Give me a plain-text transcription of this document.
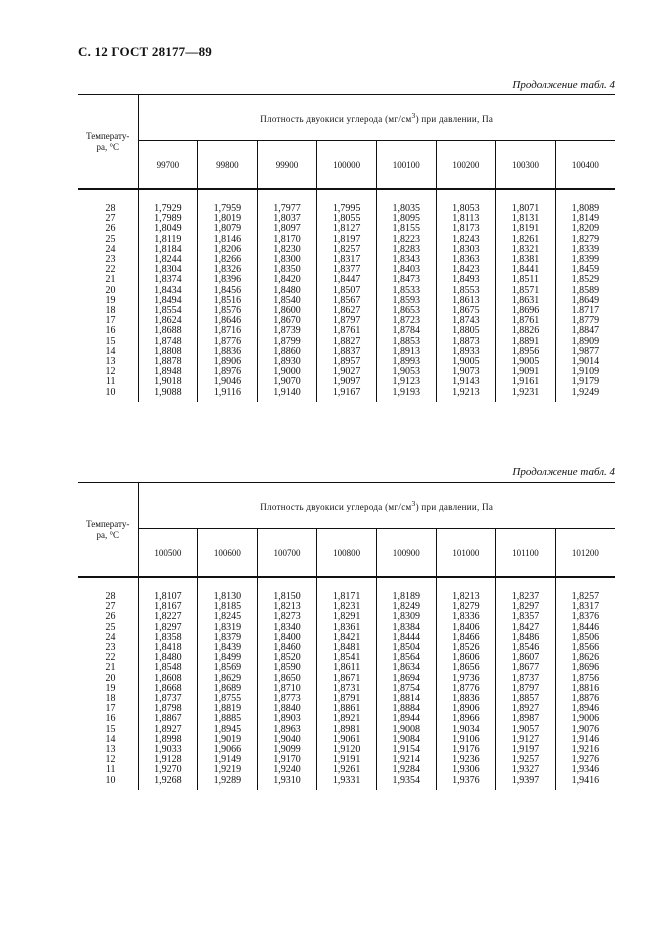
С. 12 ГОСТ 28177—89
Продолжение табл. 4
Температу-
ра, °С	Плотность двуокиси углерода $(мг/см^3)$ при давлении, Па							
	99700	99800	99900	100000	100100	100200	100300	100400

28	1,7929	1,7959	1,7977	1,7995	1,8035	1,8053	1,8071	1,8089
27	1,7989	1,8019	1,8037	1,8055	1,8095	1,8113	1,8131	1,8149
26	1,8049	1,8079	1,8097	1,8127	1,8155	1,8173	1,8191	1,8209
25	1,8119	1,8146	1,8170	1,8197	1,8223	1,8243	1,8261	1,8279
24	1,8184	1,8206	1,8230	1,8257	1,8283	1,8303	1,8321	1,8339
23	1,8244	1,8266	1,8300	1,8317	1,8343	1,8363	1,8381	1,8399
22	1,8304	1,8326	1,8350	1,8377	1,8403	1,8423	1,8441	1,8459
21	1,8374	1,8396	1,8420	1,8447	1,8473	1,8493	1,8511	1,8529
20	1,8434	1,8456	1,8480	1,8507	1,8533	1,8553	1,8571	1,8589
19	1,8494	1,8516	1,8540	1,8567	1,8593	1,8613	1,8631	1,8649
18	1,8554	1,8576	1,8600	1,8627	1,8653	1,8675	1,8696	1.8717
17	1,8624	1,8646	1,8670	1,8797	1,8723	1,8743	1,8761	1,8779
16	1,8688	1,8716	1,8739	1,8761	1,8784	1,8805	1,8826	1,8847
15	1,8748	1,8776	1,8799	1,8827	1,8853	1,8873	1,8891	1,8909
14	1,8808	1,8836	1,8860	1,8837	1,8913	1,8933	1,8956	1,9877
13	1,8878	1,8906	1,8930	1,8957	1,8993	1,9005	1,9005	1,9014
12	1,8948	1,8976	1,9000	1,9027	1,9053	1,9073	1,9091	1,9109
11	1,9018	1,9046	1,9070	1,9097	1,9123	1,9143	1,9161	1,9179
10	1,9088	1,9116	1,9140	1,9167	1,9193	1,9213	1,9231	1,9249

Продолжение табл. 4
Температу-
ра, °С	Плотность двуокиси углерода $(мг/см^3)$ при давлении, Па							
	100500	100600	100700	100800	100900	101000	101100	101200

28	1,8107	1,8130	1,8150	1,8171	1,8189	1,8213	1,8237	1,8257
27	1,8167	1,8185	1,8213	1,8231	1,8249	1,8279	1,8297	1,8317
26	1,8227	1,8245	1,8273	1,8291	1,8309	1,8336	1,8357	1,8376
25	1,8297	1,8319	1,8340	1,8361	1,8384	1,8406	1,8427	1,8446
24	1,8358	1,8379	1,8400	1,8421	1,8444	1,8466	1,8486	1,8506
23	1,8418	1,8439	1,8460	1,8481	1,8504	1,8526	1,8546	1,8566
22	1,8480	1,8499	1,8520	1,8541	1,8564	1,8606	1,8607	1,8626
21	1,8548	1,8569	1,8590	1,8611	1,8634	1,8656	1,8677	1,8696
20	1,8608	1,8629	1,8650	1,8671	1,8694	1,9736	1,8737	1,8756
19	1,8668	1,8689	1,8710	1,8731	1,8754	1,8776	1,8797	1,8816
18	1,8737	1,8755	1,8773	1,8791	1,8814	1,8836	1,8857	1,8876
17	1,8798	1,8819	1,8840	1,8861	1,8884	1,8906	1,8927	1,8946
16	1,8867	1,8885	1,8903	1,8921	1,8944	1,8966	1,8987	1,9006
15	1,8927	1,8945	1,8963	1,8981	1,9008	1,9034	1,9057	1,9076
14	1,8998	1,9019	1,9040	1,9061	1,9084	1,9106	1,9127	1,9146
13	1,9033	1,9066	1,9099	1,9120	1,9154	1,9176	1,9197	1,9216
12	1,9128	1,9149	1,9170	1,9191	1,9214	1,9236	1,9257	1,9276
11	1,9270	1,9219	1,9240	1,9261	1,9284	1,9306	1,9327	1,9346
10	1,9268	1,9289	1,9310	1,9331	1,9354	1,9376	1,9397	1,9416
